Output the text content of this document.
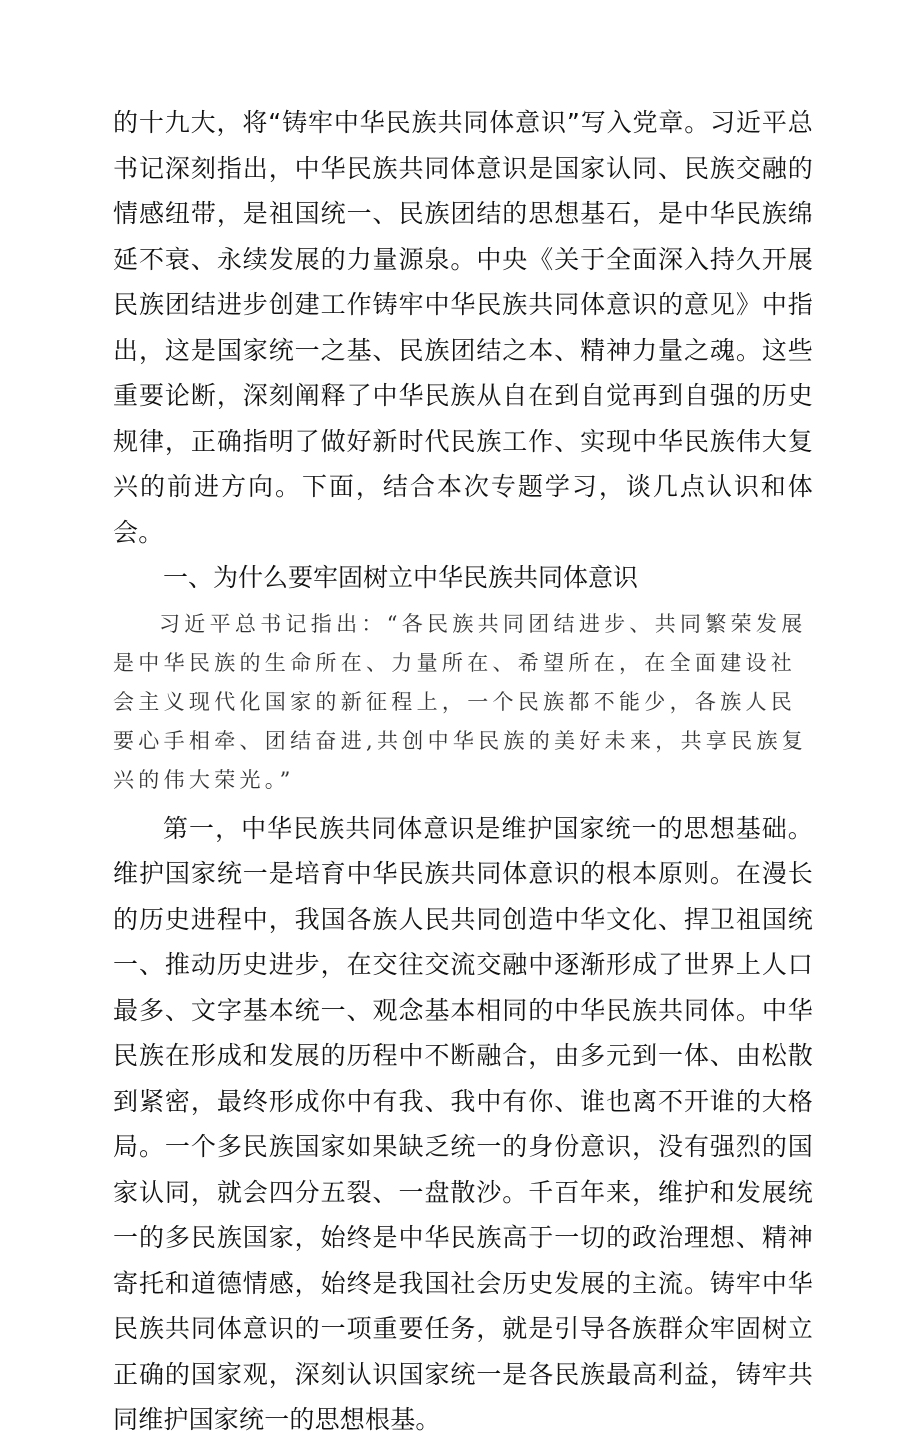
的十九大，将“铸牢中华民族共同体意识”写入党章。习近平总书记深刻指出，中华民族共同体意识是国家认同、民族交融的情感纽带，是祖国统一、民族团结的思想基石，是中华民族绵延不衰、永续发展的力量源泉。中央《关于全面深入持久开展民族团结进步创建工作铸牢中华民族共同体意识的意见》中指出，这是国家统一之基、民族团结之本、精神力量之魂。这些重要论断，深刻阐释了中华民族从自在到自觉再到自强的历史规律，正确指明了做好新时代民族工作、实现中华民族伟大复兴的前进方向。下面，结合本次专题学习，谈几点认识和体会。

一、为什么要牢固树立中华民族共同体意识

习近平总书记指出：“各民族共同团结进步、共同繁荣发展是中华民族的生命所在、力量所在、希望所在，在全面建设社会主义现代化国家的新征程上，一个民族都不能少，各族人民要心手相牵、团结奋进,共创中华民族的美好未来，共享民族复兴的伟大荣光。”

第一，中华民族共同体意识是维护国家统一的思想基础。维护国家统一是培育中华民族共同体意识的根本原则。在漫长的历史进程中，我国各族人民共同创造中华文化、捍卫祖国统一、推动历史进步，在交往交流交融中逐渐形成了世界上人口最多、文字基本统一、观念基本相同的中华民族共同体。中华民族在形成和发展的历程中不断融合，由多元到一体、由松散到紧密，最终形成你中有我、我中有你、谁也离不开谁的大格局。一个多民族国家如果缺乏统一的身份意识，没有强烈的国家认同，就会四分五裂、一盘散沙。千百年来，维护和发展统一的多民族国家，始终是中华民族高于一切的政治理想、精神寄托和道德情感，始终是我国社会历史发展的主流。铸牢中华民族共同体意识的一项重要任务，就是引导各族群众牢固树立正确的国家观，深刻认识国家统一是各民族最高利益，铸牢共同维护国家统一的思想根基。
